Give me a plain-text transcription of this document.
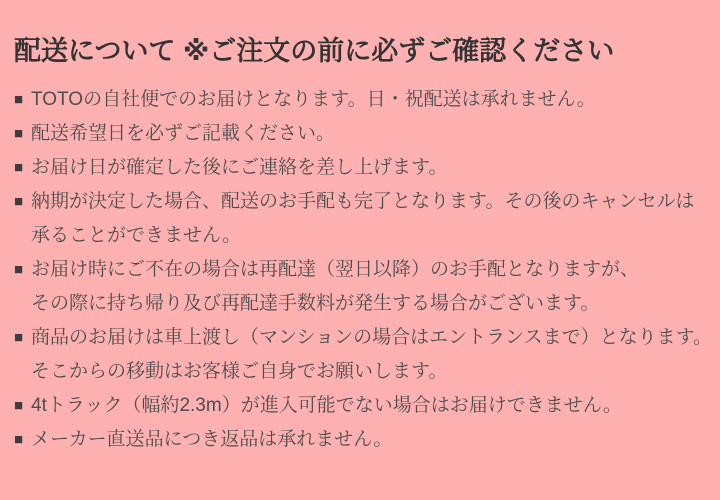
配送について ※ご注文の前に必ずご確認ください
■ TOTOの自社便でのお届けとなります。日・祝配送は承れません。
■ 配送希望日を必ずご記載ください。
■ お届け日が確定した後にご連絡を差し上げます。
■ 納期が決定した場合、配送のお手配も完了となります。その後のキャンセルは
承ることができません。
■ お届け時にご不在の場合は再配達（翌日以降）のお手配となりますが、
その際に持ち帰り及び再配達手数料が発生する場合がございます。
■ 商品のお届けは車上渡し（マンションの場合はエントランスまで）となります。
そこからの移動はお客様ご自身でお願いします。
■ 4tトラック（幅約2.3m）が進入可能でない場合はお届けできません。
■ メーカー直送品につき返品は承れません。
